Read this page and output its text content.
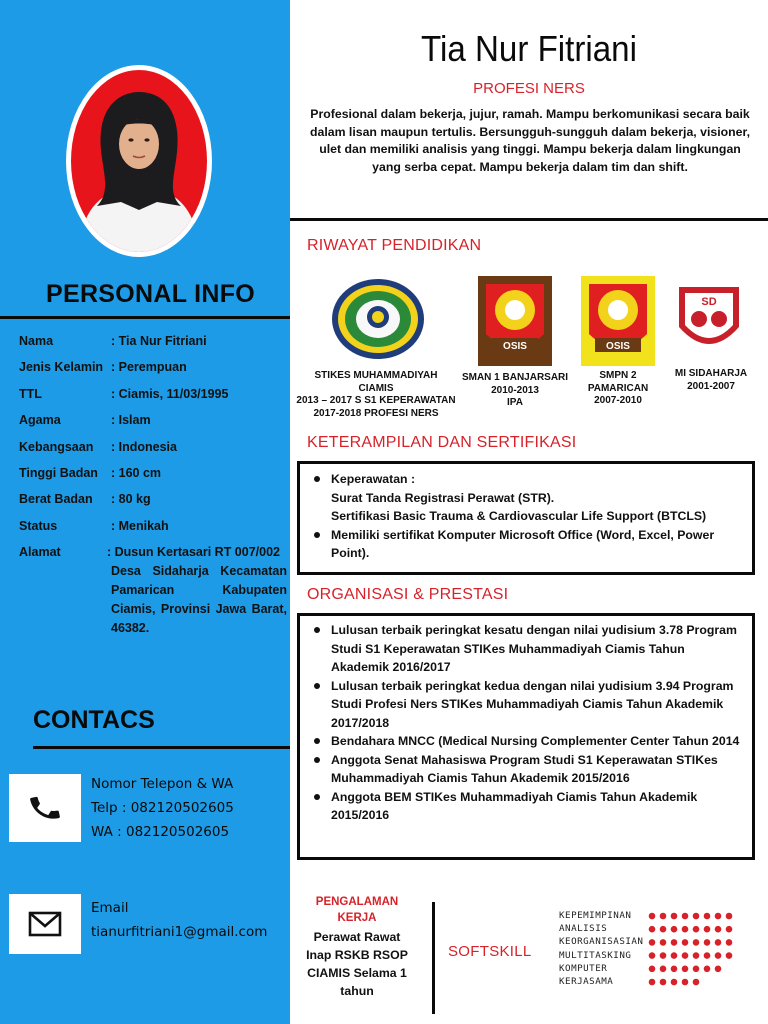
PERSONAL INFO
Nama	: Tia Nur Fitriani
Jenis Kelamin : Perempuan
TTL	: Ciamis, 11/03/1995
Agama	: Islam
Kebangsaan	: Indonesia
Tinggi Badan	: 160 cm
Berat Badan	: 80 kg
Status	: Menikah
Alamat	: Dusun Kertasari RT 007/002
Desa Sidaharja Kecamatan Pamarican Kabupaten Ciamis, Provinsi Jawa Barat, 46382.
CONTACS
Nomor Telepon & WA
Telp : 082120502605
WA : 082120502605
Email
tianurfitriani1@gmail.com
Tia Nur Fitriani
PROFESI NERS
Profesional dalam bekerja, jujur, ramah. Mampu berkomunikasi secara baik dalam lisan maupun tertulis. Bersungguh-sungguh dalam bekerja, visioner, ulet dan memiliki analisis yang tinggi. Mampu bekerja dalam lingkungan yang serba cepat. Mampu bekerja dalam tim dan shift.
RIWAYAT PENDIDIKAN
OSIS	OSIS
SD
STIKES MUHAMMADIYAH CIAMIS
2013 – 2017 S S1 KEPERAWATAN
2017-2018 PROFESI NERS
SMAN 1 BANJARSARI
2010-2013
IPA
SMPN 2
PAMARICAN
2007-2010
MI SIDAHARJA
2001-2007
KETERAMPILAN DAN SERTIFIKASI
Keperawatan :
Surat Tanda Registrasi Perawat (STR).
Sertifikasi Basic Trauma & Cardiovascular Life Support (BTCLS)
Memiliki sertifikat Komputer Microsoft Office (Word, Excel, Power Point).
ORGANISASI & PRESTASI
Lulusan terbaik peringkat kesatu dengan nilai yudisium 3.78 Program Studi S1 Keperawatan STIKes Muhammadiyah Ciamis Tahun Akademik 2016/2017
Lulusan terbaik peringkat kedua dengan nilai yudisium 3.94 Program Studi Profesi Ners STIKes Muhammadiyah Ciamis Tahun Akademik 2017/2018
Bendahara MNCC (Medical Nursing Complementer Center Tahun 2014
Anggota Senat Mahasiswa Program Studi S1 Keperawatan STIKes Muhammadiyah Ciamis Tahun Akademik 2015/2016
Anggota BEM STIKes Muhammadiyah Ciamis Tahun Akademik 2015/2016
PENGALAMAN
KERJA
Perawat Rawat Inap RSKB RSOP CIAMIS Selama 1 tahun
SOFTSKILL
KEPEMIMPINAN
ANALISIS
KEORGANISASIAN
MULTITASKING
KOMPUTER
KERJASAMA
